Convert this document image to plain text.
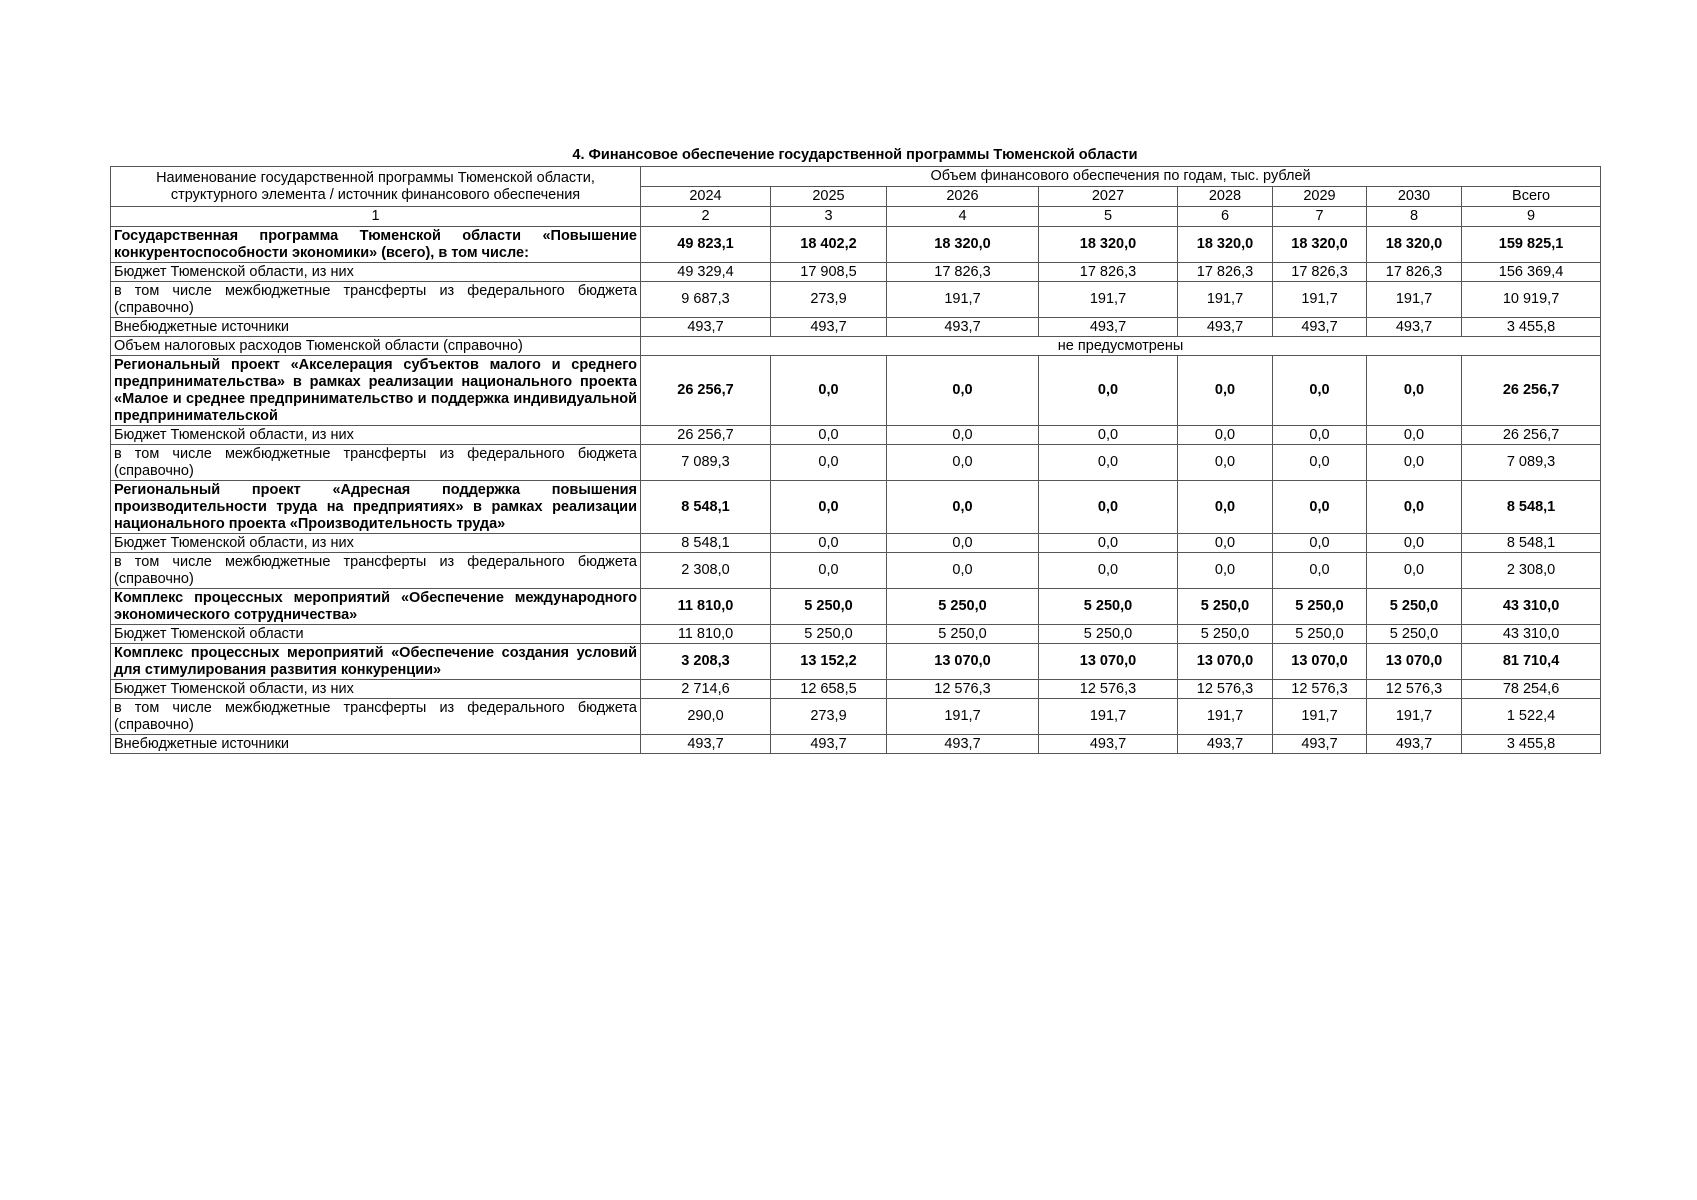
4. Финансовое обеспечение государственной программы Тюменской области
Наименование государственной программы Тюменской области, структурного элемента / источник финансового обеспечения	Объем финансового обеспечения по годам, тыс. рублей							
	2024	2025	2026	2027	2028	2029	2030	Всего
1	2	3	4	5	6	7	8	9
Государственная программа Тюменской области «Повышение конкурентоспособности экономики» (всего), в том числе:	49 823,1	18 402,2	18 320,0	18 320,0	18 320,0	18 320,0	18 320,0	159 825,1
Бюджет Тюменской области, из них	49 329,4	17 908,5	17 826,3	17 826,3	17 826,3	17 826,3	17 826,3	156 369,4
в том числе межбюджетные трансферты из федерального бюджета (справочно)	9 687,3	273,9	191,7	191,7	191,7	191,7	191,7	10 919,7
Внебюджетные источники	493,7	493,7	493,7	493,7	493,7	493,7	493,7	3 455,8
Объем налоговых расходов Тюменской области (справочно)	не предусмотрены							

Региональный проект «Акселерация субъектов малого и среднего предпринимательства» в рамках реализации национального проекта «Малое и среднее предпринимательство и поддержка индивидуальной предпринимательской	26 256,7	0,0	0,0	0,0	0,0	0,0	0,0	26 256,7
Бюджет Тюменской области, из них	26 256,7	0,0	0,0	0,0	0,0	0,0	0,0	26 256,7
в том числе межбюджетные трансферты из федерального бюджета (справочно)	7 089,3	0,0	0,0	0,0	0,0	0,0	0,0	7 089,3
Региональный проект «Адресная поддержка повышения производительности труда на предприятиях» в рамках реализации национального проекта «Производительность труда»	8 548,1	0,0	0,0	0,0	0,0	0,0	0,0	8 548,1
Бюджет Тюменской области, из них	8 548,1	0,0	0,0	0,0	0,0	0,0	0,0	8 548,1
в том числе межбюджетные трансферты из федерального бюджета (справочно)	2 308,0	0,0	0,0	0,0	0,0	0,0	0,0	2 308,0
Комплекс процессных мероприятий «Обеспечение международного экономического сотрудничества»	11 810,0	5 250,0	5 250,0	5 250,0	5 250,0	5 250,0	5 250,0	43 310,0
Бюджет Тюменской области	11 810,0	5 250,0	5 250,0	5 250,0	5 250,0	5 250,0	5 250,0	43 310,0
Комплекс процессных мероприятий «Обеспечение создания условий для стимулирования развития конкуренции»	3 208,3	13 152,2	13 070,0	13 070,0	13 070,0	13 070,0	13 070,0	81 710,4
Бюджет Тюменской области, из них	2 714,6	12 658,5	12 576,3	12 576,3	12 576,3	12 576,3	12 576,3	78 254,6
в том числе межбюджетные трансферты из федерального бюджета (справочно)	290,0	273,9	191,7	191,7	191,7	191,7	191,7	1 522,4
Внебюджетные источники	493,7	493,7	493,7	493,7	493,7	493,7	493,7	3 455,8
